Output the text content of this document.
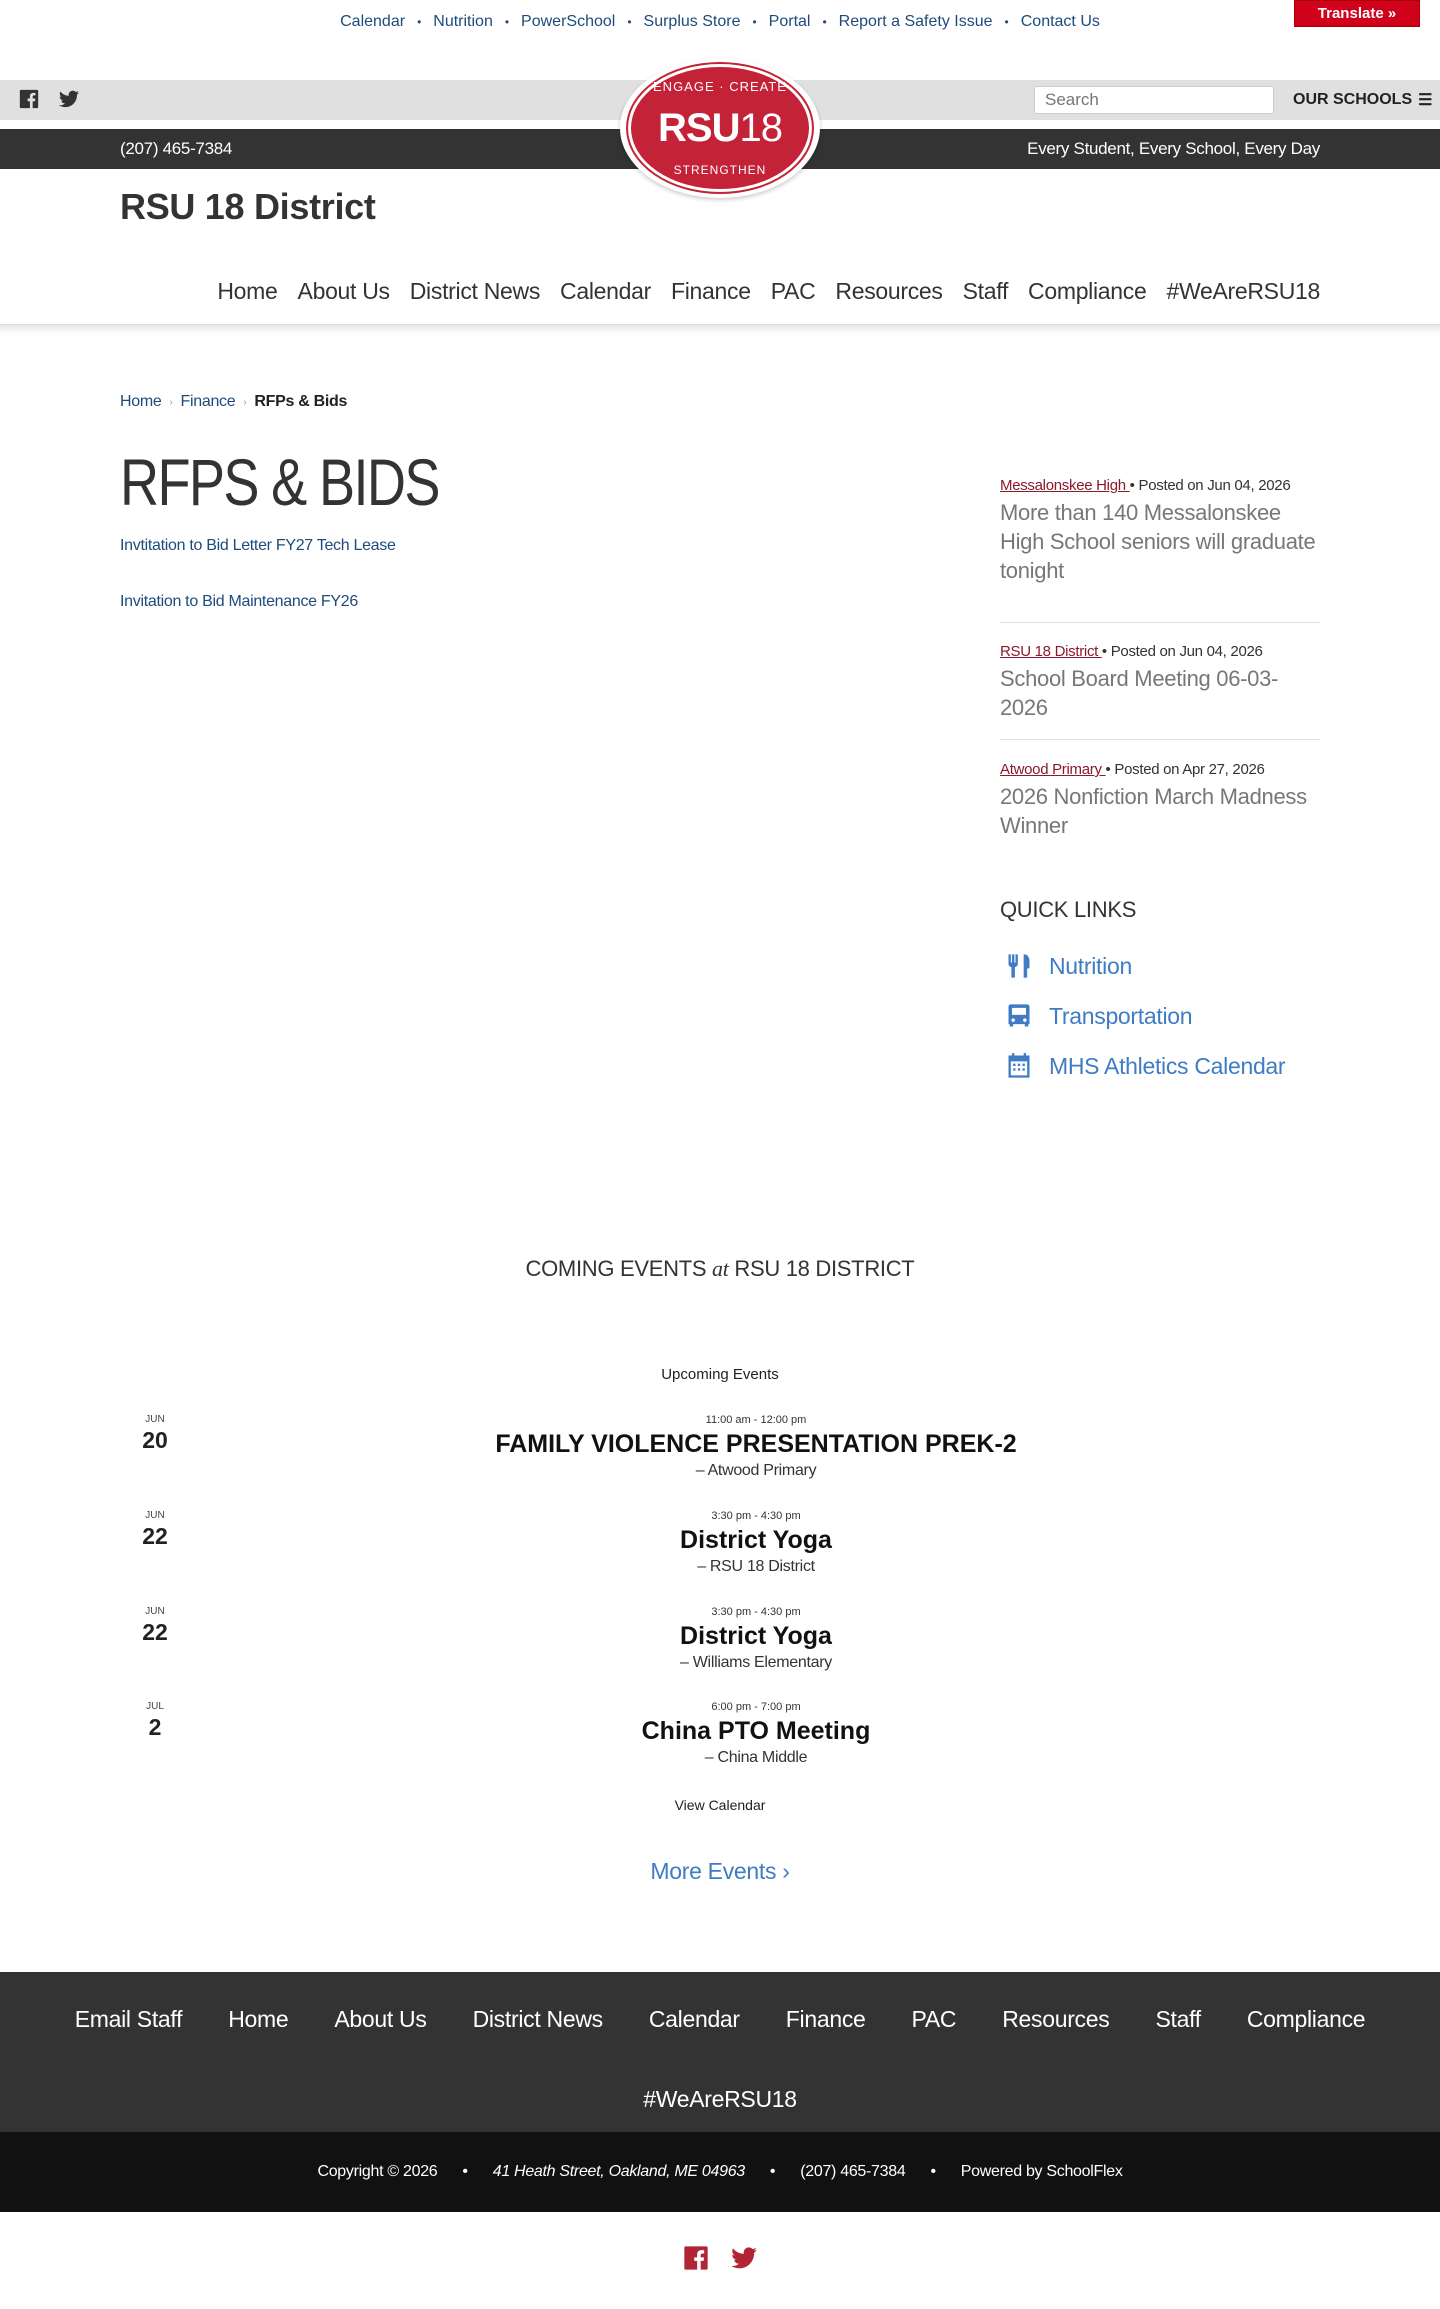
Calendar • Nutrition • PowerSchool • Surplus Store • Portal • Report a Safety Issue • Contact Us	Translate »
Search
OUR SCHOOLS ☰
(207) 465-7384	Every Student, Every School, Every Day
ENGAGE · CREATE
RSU18
STRENGTHEN
RSU 18 District
Home About Us District News Calendar Finance PAC Resources Staff Compliance #WeAreRSU18
Home › Finance › RFPs & Bids
RFPS & BIDS
Invtitation to Bid Letter FY27 Tech Lease
Invitation to Bid Maintenance FY26
Messalonskee High • Posted on Jun 04, 2026
More than 140 Messalonskee High School seniors will graduate tonight
RSU 18 District • Posted on Jun 04, 2026
School Board Meeting 06-03-2026
Atwood Primary • Posted on Apr 27, 2026
2026 Nonfiction March Madness Winner
QUICK LINKS
Nutrition
Transportation
MHS Athletics Calendar
COMING EVENTS at RSU 18 DISTRICT
Upcoming Events
JUN
20
11:00 am - 12:00 pm
FAMILY VIOLENCE PRESENTATION PREK-2
– Atwood Primary
JUN
22
3:30 pm - 4:30 pm
District Yoga
– RSU 18 District
JUN
22
3:30 pm - 4:30 pm
District Yoga
– Williams Elementary
JUL
2
6:00 pm - 7:00 pm
China PTO Meeting
– China Middle
View Calendar
More Events ›
Email Staff Home About Us District News Calendar Finance PAC Resources Staff Compliance
#WeAreRSU18
Copyright © 2026 • 41 Heath Street, Oakland, ME 04963 • (207) 465-7384 • Powered by SchoolFlex
